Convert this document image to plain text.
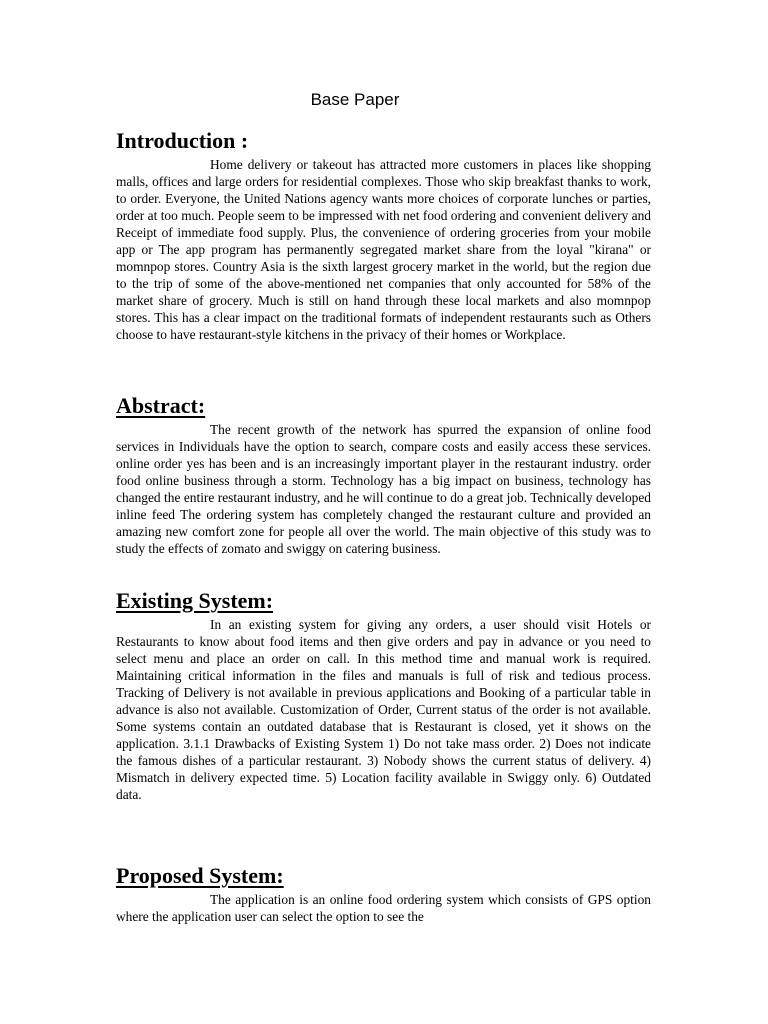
Base Paper
Introduction :

Home delivery or takeout has attracted more customers in places like shopping malls, offices and large orders for residential complexes. Those who skip breakfast thanks to work, to order. Everyone, the United Nations agency wants more choices of corporate lunches or parties, order at too much. People seem to be impressed with net food ordering and convenient delivery and Receipt of immediate food supply. Plus, the convenience of ordering groceries from your mobile app or The app program has permanently segregated market share from the loyal "kirana" or momnpop stores. Country Asia is the sixth largest grocery market in the world, but the region due to the trip of some of the above-mentioned net companies that only accounted for 58% of the market share of grocery. Much is still on hand through these local markets and also momnpop stores. This has a clear impact on the traditional formats of independent restaurants such as Others choose to have restaurant-style kitchens in the privacy of their homes or Workplace.

Abstract:

The recent growth of the network has spurred the expansion of online food services in Individuals have the option to search, compare costs and easily access these services. online order yes has been and is an increasingly important player in the restaurant industry. order food online business through a storm. Technology has a big impact on business, technology has changed the entire restaurant industry, and he will continue to do a great job. Technically developed inline feed The ordering system has completely changed the restaurant culture and provided an amazing new comfort zone for people all over the world. The main objective of this study was to study the effects of zomato and swiggy on catering business.

Existing System:

In an existing system for giving any orders, a user should visit Hotels or Restaurants to know about food items and then give orders and pay in advance or you need to select menu and place an order on call. In this method time and manual work is required. Maintaining critical information in the files and manuals is full of risk and tedious process. Tracking of Delivery is not available in previous applications and Booking of a particular table in advance is also not available. Customization of Order, Current status of the order is not available. Some systems contain an outdated database that is Restaurant is closed, yet it shows on the application. 3.1.1 Drawbacks of Existing System 1) Do not take mass order. 2) Does not indicate the famous dishes of a particular restaurant. 3) Nobody shows the current status of delivery. 4) Mismatch in delivery expected time. 5) Location facility available in Swiggy only. 6) Outdated data.

Proposed System:

The application is an online food ordering system which consists of GPS option where the application user can select the option to see the
